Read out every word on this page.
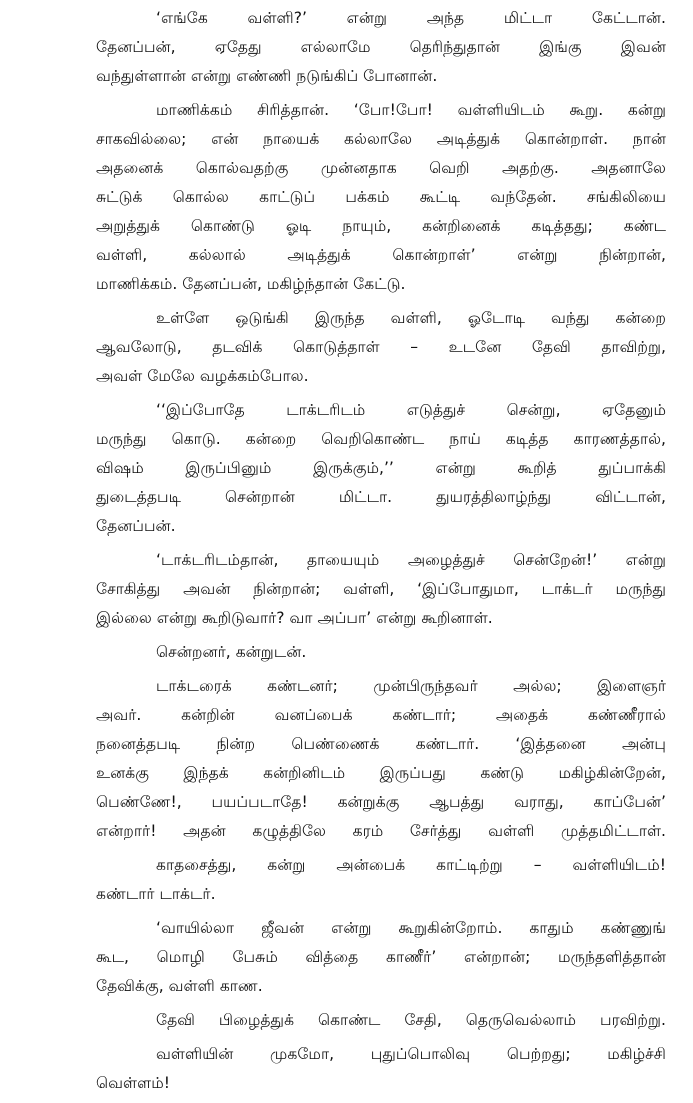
‘எங்கே வள்ளி?’ என்று அந்த மிட்டா கேட்டான்.
தேனப்பன், ஏதேது எல்லாமே தெரிந்துதான் இங்கு இவன்
வந்துள்ளான் என்று எண்ணி நடுங்கிப் போனான்.
மாணிக்கம் சிரித்தான். ‘போ!போ! வள்ளியிடம் கூறு. கன்று
சாகவில்லை; என் நாயைக் கல்லாலே அடித்துக் கொன்றாள். நான்
அதனைக் கொல்வதற்கு முன்னதாக வெறி அதற்கு. அதனாலே
சுட்டுக் கொல்ல காட்டுப் பக்கம் கூட்டி வந்தேன். சங்கிலியை
அறுத்துக் கொண்டு ஓடி நாயும், கன்றினைக் கடித்தது; கண்ட
வள்ளி, கல்லால் அடித்துக் கொன்றாள்’ என்று நின்றான்,
மாணிக்கம். தேனப்பன், மகிழ்ந்தான் கேட்டு.
உள்ளே ஒடுங்கி இருந்த வள்ளி, ஓடோடி வந்து கன்றை
ஆவலோடு, தடவிக் கொடுத்தாள் – உடனே தேவி தாவிற்று,
அவள் மேலே வழக்கம்போல.
‘‘இப்போதே டாக்டரிடம் எடுத்துச் சென்று, ஏதேனும்
மருந்து கொடு. கன்றை வெறிகொண்ட நாய் கடித்த காரணத்தால்,
விஷம் இருப்பினும் இருக்கும்,’’ என்று கூறித் துப்பாக்கி
துடைத்தபடி சென்றான் மிட்டா. துயரத்திலாழ்ந்து விட்டான்,
தேனப்பன்.
‘டாக்டரிடம்தான், தாயையும் அழைத்துச் சென்றேன்!’ என்று
சோகித்து அவன் நின்றான்; வள்ளி, ‘இப்போதுமா, டாக்டர் மருந்து
இல்லை என்று கூறிடுவார்? வா அப்பா’ என்று கூறினாள்.
சென்றனர், கன்றுடன்.
டாக்டரைக் கண்டனர்; முன்பிருந்தவர் அல்ல; இளைஞர்
அவர். கன்றின் வனப்பைக் கண்டார்; அதைக் கண்ணீரால்
நனைத்தபடி நின்ற பெண்ணைக் கண்டார். ‘இத்தனை அன்பு
உனக்கு இந்தக் கன்றினிடம் இருப்பது கண்டு மகிழ்கின்றேன்,
பெண்ணே!, பயப்படாதே! கன்றுக்கு ஆபத்து வராது, காப்பேன்’
என்றார்! அதன் கழுத்திலே கரம் சேர்த்து வள்ளி முத்தமிட்டாள்.
காதசைத்து, கன்று அன்பைக் காட்டிற்று – வள்ளியிடம்!
கண்டார் டாக்டர்.
‘வாயில்லா ஜீவன் என்று கூறுகின்றோம். காதும் கண்ணுங்
கூட, மொழி பேசும் வித்தை காணீர்’ என்றான்; மருந்தளித்தான்
தேவிக்கு, வள்ளி காண.
தேவி பிழைத்துக் கொண்ட சேதி, தெருவெல்லாம் பரவிற்று.
வள்ளியின் முகமோ, புதுப்பொலிவு பெற்றது; மகிழ்ச்சி
வெள்ளம்!
